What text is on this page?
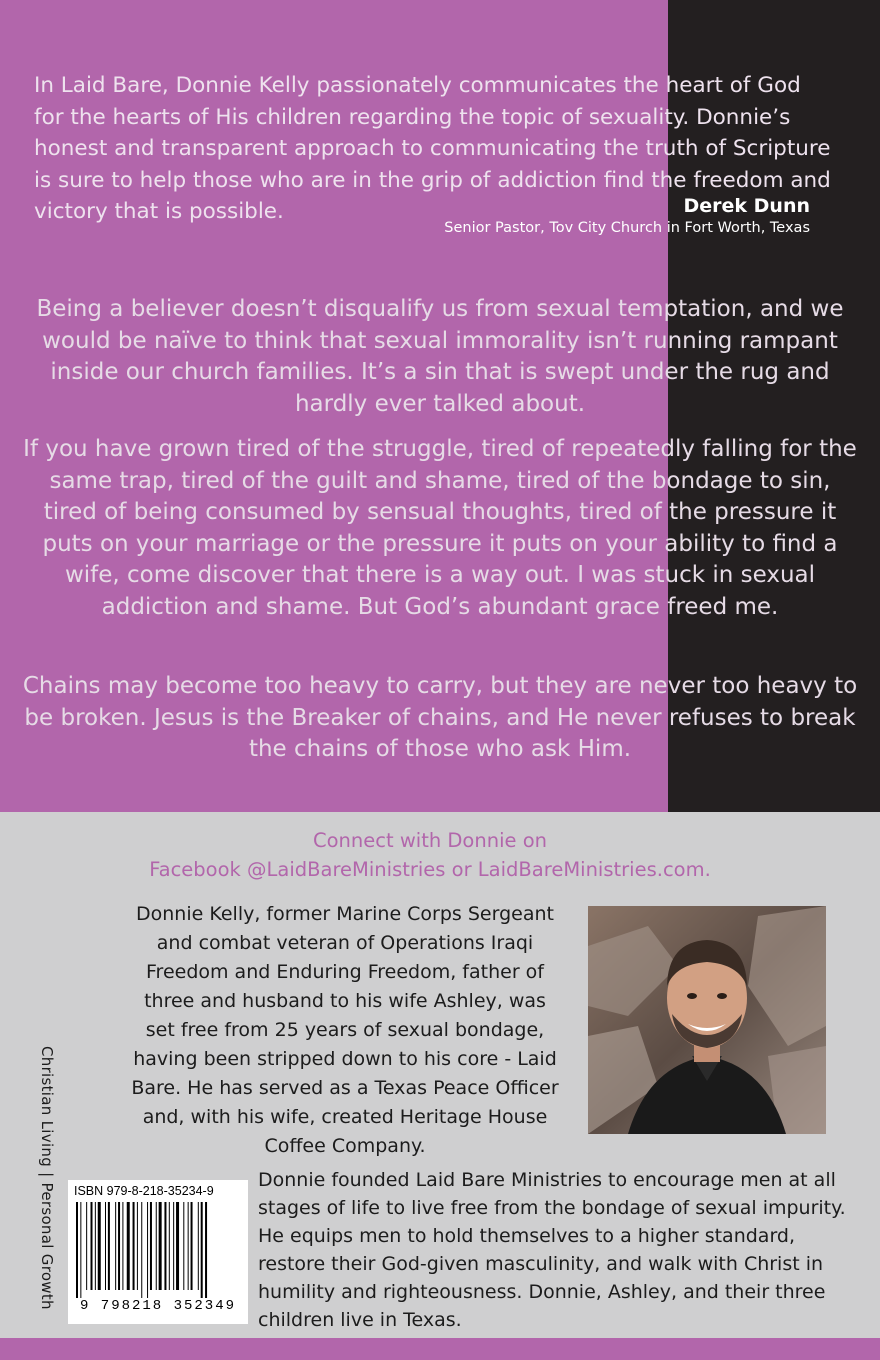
In Laid Bare, Donnie Kelly passionately communicates the heart of God for the hearts of His children regarding the topic of sexuality. Donnie’s honest and transparent approach to communicating the truth of Scripture is sure to help those who are in the grip of addiction find the freedom and victory that is possible.	Derek Dunn
Senior Pastor, Tov City Church in Fort Worth, Texas

Being a believer doesn’t disqualify us from sexual temptation, and we would be naïve to think that sexual immorality isn’t running rampant inside our church families. It’s a sin that is swept under the rug and hardly ever talked about.

If you have grown tired of the struggle, tired of repeatedly falling for the same trap, tired of the guilt and shame, tired of the bondage to sin, tired of being consumed by sensual thoughts, tired of the pressure it puts on your marriage or the pressure it puts on your ability to find a wife, come discover that there is a way out. I was stuck in sexual addiction and shame. But God’s abundant grace freed me.

Chains may become too heavy to carry, but they are never too heavy to be broken. Jesus is the Breaker of chains, and He never refuses to break the chains of those who ask Him.

Connect with Donnie on
Facebook @LaidBareMinistries or LaidBareMinistries.com.

Donnie Kelly, former Marine Corps Sergeant and combat veteran of Operations Iraqi Freedom and Enduring Freedom, father of three and husband to his wife Ashley, was set free from 25 years of sexual bondage, having been stripped down to his core - Laid Bare. He has served as a Texas Peace Officer and, with his wife, created Heritage House Coffee Company.

Donnie founded Laid Bare Ministries to encourage men at all stages of life to live free from the bondage of sexual impurity. He equips men to hold themselves to a higher standard, restore their God-given masculinity, and walk with Christ in humility and righteousness. Donnie, Ashley, and their three children live in Texas.

Christian Living | Personal Growth ISBN 979-8-218-35234-9
9 798218 352349
